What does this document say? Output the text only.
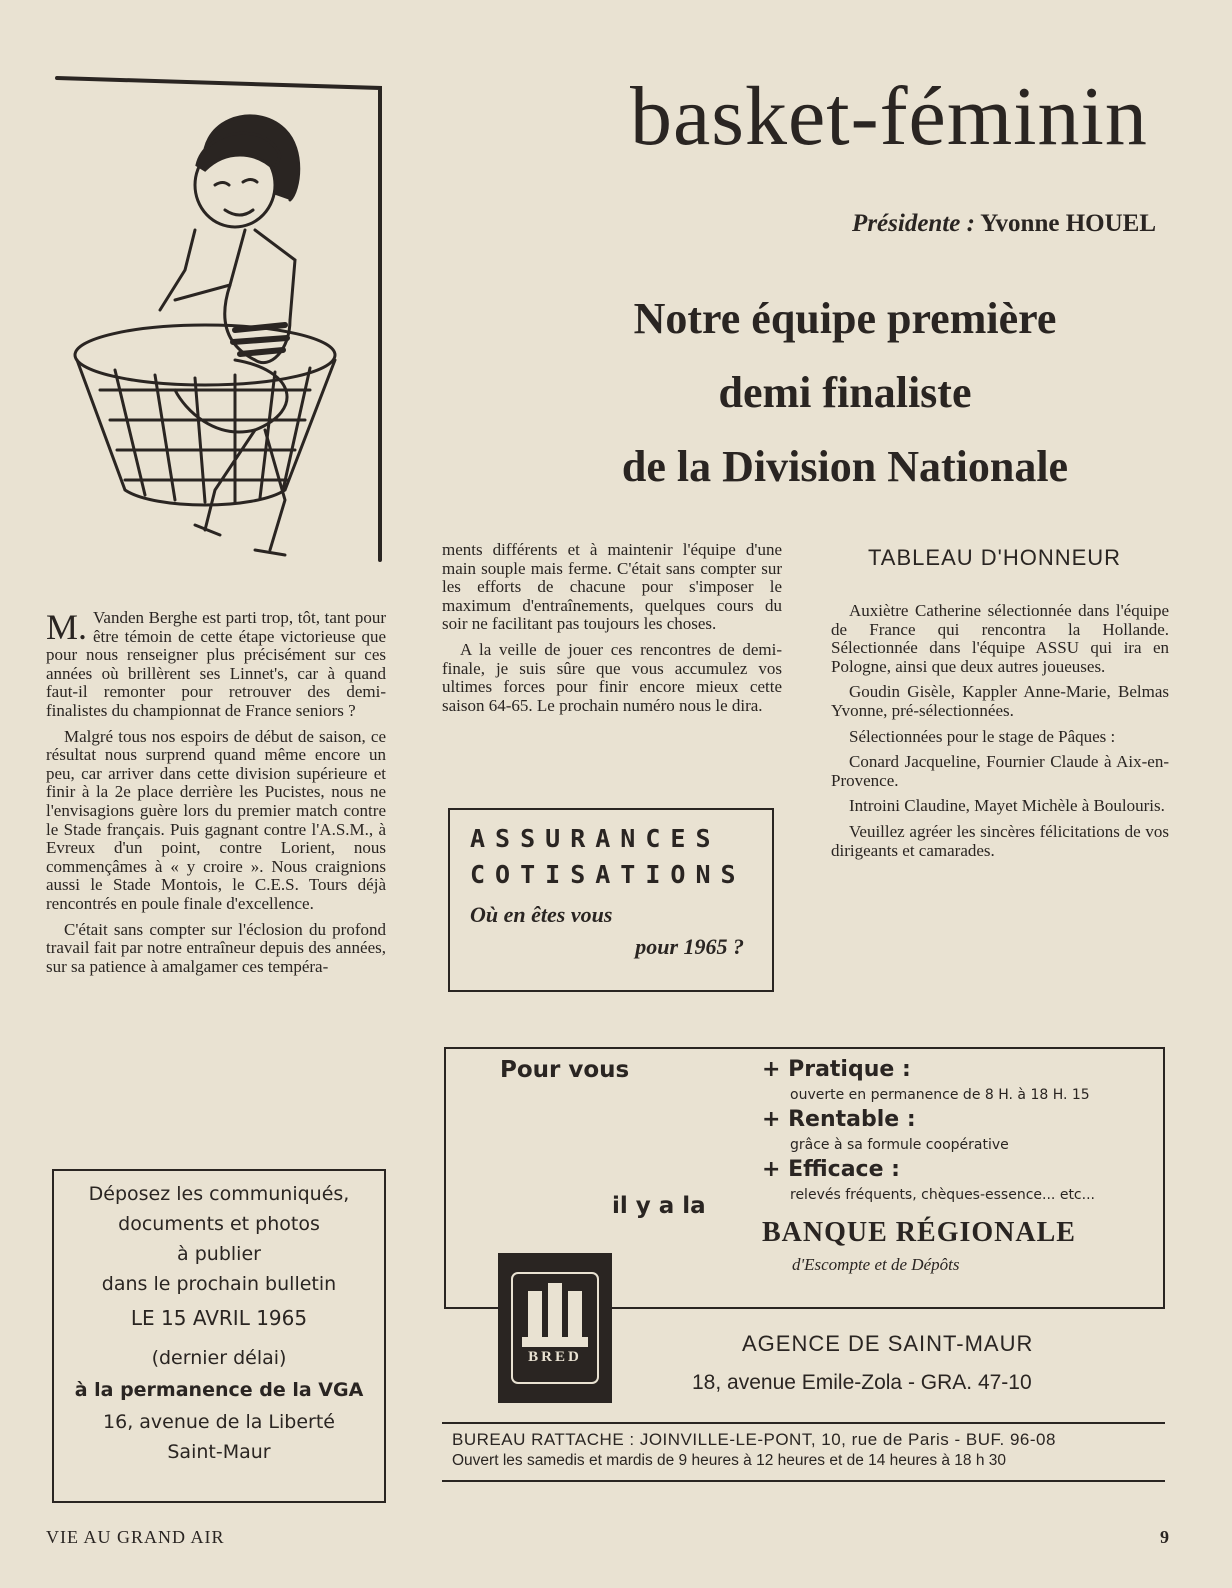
basket-féminin
Présidente : Yvonne HOUEL
Notre équipe première
demi finaliste
de la Division Nationale

M. Vanden Berghe est parti trop, tôt, tant pour être témoin de cette étape victorieuse que pour nous renseigner plus précisément sur ces années où brillèrent ses Linnet's, car à quand faut-il remonter pour retrouver des demi-finalistes du championnat de France seniors ?

Malgré tous nos espoirs de début de saison, ce résultat nous surprend quand même encore un peu, car arriver dans cette division supérieure et finir à la 2e place derrière les Pucistes, nous ne l'envisagions guère lors du premier match contre le Stade français. Puis gagnant contre l'A.S.M., à Evreux d'un point, contre Lorient, nous commençâmes à « y croire ». Nous craignions aussi le Stade Montois, le C.E.S. Tours déjà rencontrés en poule finale d'excellence.

C'était sans compter sur l'éclosion du profond travail fait par notre entraîneur depuis des années, sur sa patience à amalgamer ces tempéra-

ments différents et à maintenir l'équipe d'une main souple mais ferme. C'était sans compter sur les efforts de chacune pour s'imposer le maximum d'entraînements, quelques cours du soir ne facilitant pas toujours les choses.

A la veille de jouer ces rencontres de demi-finale, je suis sûre que vous accumulez vos ultimes forces pour finir encore mieux cette saison 64-65. Le prochain numéro nous le dira.

TABLEAU D'HONNEUR

Auxiètre Catherine sélectionnée dans l'équipe de France qui rencontra la Hollande. Sélectionnée dans l'équipe ASSU qui ira en Pologne, ainsi que deux autres joueuses.

Goudin Gisèle, Kappler Anne-Marie, Belmas Yvonne, pré-sélectionnées.

Sélectionnées pour le stage de Pâques :

Conard Jacqueline, Fournier Claude à Aix-en-Provence.

Introini Claudine, Mayet Michèle à Boulouris.

Veuillez agréer les sincères félicitations de vos dirigeants et camarades.

ASSURANCES
COTISATIONS
Où en êtes vous
pour 1965 ?
Déposez les communiqués,
documents et photos
à publier
dans le prochain bulletin
LE 15 AVRIL 1965
(dernier délai)
à la permanence de la VGA
16, avenue de la Liberté
Saint-Maur
Pour vous	+ Pratique :
ouverte en permanence de 8 H. à 18 H. 15
+ Rentable :
grâce à sa formule coopérative
+ Efficace :
relevés fréquents, chèques-essence... etc...
il y a la
BANQUE RÉGIONALE
d'Escompte et de Dépôts
BRED
AGENCE DE SAINT-MAUR
18, avenue Emile-Zola - GRA. 47-10
BUREAU RATTACHE : JOINVILLE-LE-PONT, 10, rue de Paris - BUF. 96-08
Ouvert les samedis et mardis de 9 heures à 12 heures et de 14 heures à 18 h 30
VIE AU GRAND AIR	9
